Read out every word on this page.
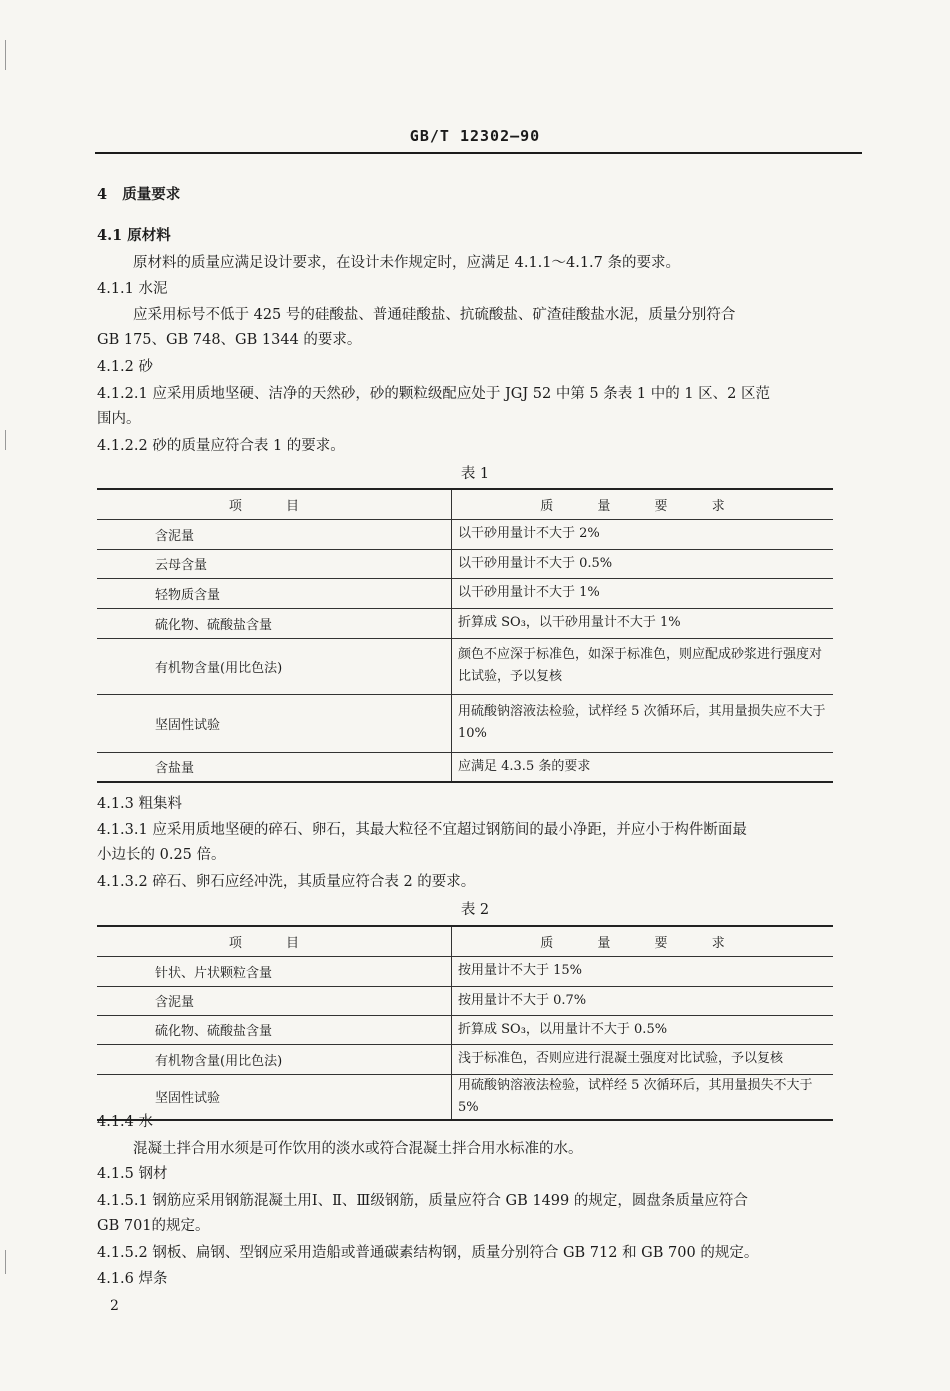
GB/T 12302—90
4 质量要求
4.1 原材料
原材料的质量应满足设计要求，在设计未作规定时，应满足 4.1.1～4.1.7 条的要求。
4.1.1 水泥
应采用标号不低于 425 号的硅酸盐、普通硅酸盐、抗硫酸盐、矿渣硅酸盐水泥，质量分别符合
GB 175、GB 748、GB 1344 的要求。
4.1.2 砂
4.1.2.1 应采用质地坚硬、洁净的天然砂，砂的颗粒级配应处于 JGJ 52 中第 5 条表 1 中的 1 区、2 区范
围内。
4.1.2.2 砂的质量应符合表 1 的要求。
表 1
项 目	质 量 要 求
含泥量	以干砂用量计不大于 2%
云母含量	以干砂用量计不大于 0.5%
轻物质含量	以干砂用量计不大于 1%
硫化物、硫酸盐含量	折算成 SO₃，以干砂用量计不大于 1%
有机物含量(用比色法)	颜色不应深于标准色，如深于标准色，则应配成砂浆进行强度对比试验，予以复核
坚固性试验	用硫酸钠溶液法检验，试样经 5 次循环后，其用量损失应不大于 10%
含盐量	应满足 4.3.5 条的要求
4.1.3 粗集料
4.1.3.1 应采用质地坚硬的碎石、卵石，其最大粒径不宜超过钢筋间的最小净距，并应小于构件断面最
小边长的 0.25 倍。
4.1.3.2 碎石、卵石应经冲洗，其质量应符合表 2 的要求。
表 2
项 目	质 量 要 求
针状、片状颗粒含量	按用量计不大于 15%
含泥量	按用量计不大于 0.7%
硫化物、硫酸盐含量	折算成 SO₃，以用量计不大于 0.5%
有机物含量(用比色法)	浅于标准色，否则应进行混凝土强度对比试验，予以复核
坚固性试验	用硫酸钠溶液法检验，试样经 5 次循环后，其用量损失不大于 5%
4.1.4 水
混凝土拌合用水须是可作饮用的淡水或符合混凝土拌合用水标准的水。
4.1.5 钢材
4.1.5.1 钢筋应采用钢筋混凝土用Ⅰ、Ⅱ、Ⅲ级钢筋，质量应符合 GB 1499 的规定，圆盘条质量应符合
GB 701的规定。
4.1.5.2 钢板、扁钢、型钢应采用造船或普通碳素结构钢，质量分别符合 GB 712 和 GB 700 的规定。
4.1.6 焊条
2
